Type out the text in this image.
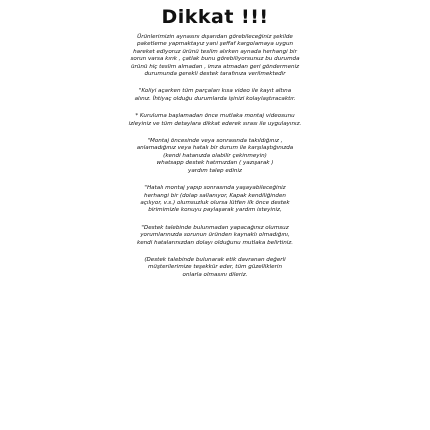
Dikkat !!!

Ürünlerimizin aynasını dışarıdan görebileceğiniz şekilde
paketleme yapmaktayız yani şeffaf kargolamaya uygun
hareket ediyoruz ürünü teslim alırken aynada herhangi bir
sorun varsa kırık , çatlak bunu görebiliyorsunuz bu durumda
ürünü hiç teslim almadan , imza atmadan geri göndermeniz
durumunda gerekli destek tarafınıza verilmektedir

"Koliyi açarken tüm parçaları kısa video ile kayıt altına
alınız. İhtiyaç olduğu durumlarda işinizi kolaylaştıracaktır.

* Kuruluma başlamadan önce mutlaka montaj videosunu
izleyiniz ve tüm detaylara dikkat ederek sırası ile uygulayınız.

"Montaj öncesinde veya sonrasında takıldığınız ,
anlamadığınız veya hatalı bir durum ile karşılaştığınızda
(kendi hatanızda olabilir çekinmeyin)
whatsapp destek hatımızdan ( yazışarak )
yardım talep ediniz

"Hatalı montaj yapıp sonrasında yaşayabileceğiniz
herhangi bir (dolap sallanıyor, Kapak kendiliğinden
açılıyor, v.s.) olumsuzluk olursa lütfen ilk önce destek
birimimizle konuyu paylaşarak yardım isteyiniz,

"Destek talebinde bulunmadan yapacağınız olumsuz
yorumlarınızda sorunun üründen kaynaklı olmadığını,
kendi hatalarınızdan dolayı olduğunu mutlaka belirtiniz.

(Destek talebinde bulunarak etik davranan değerli
müşterilerimize teşekkür eder, tüm güzelliklerin
onlarla olmasını dileriz.
